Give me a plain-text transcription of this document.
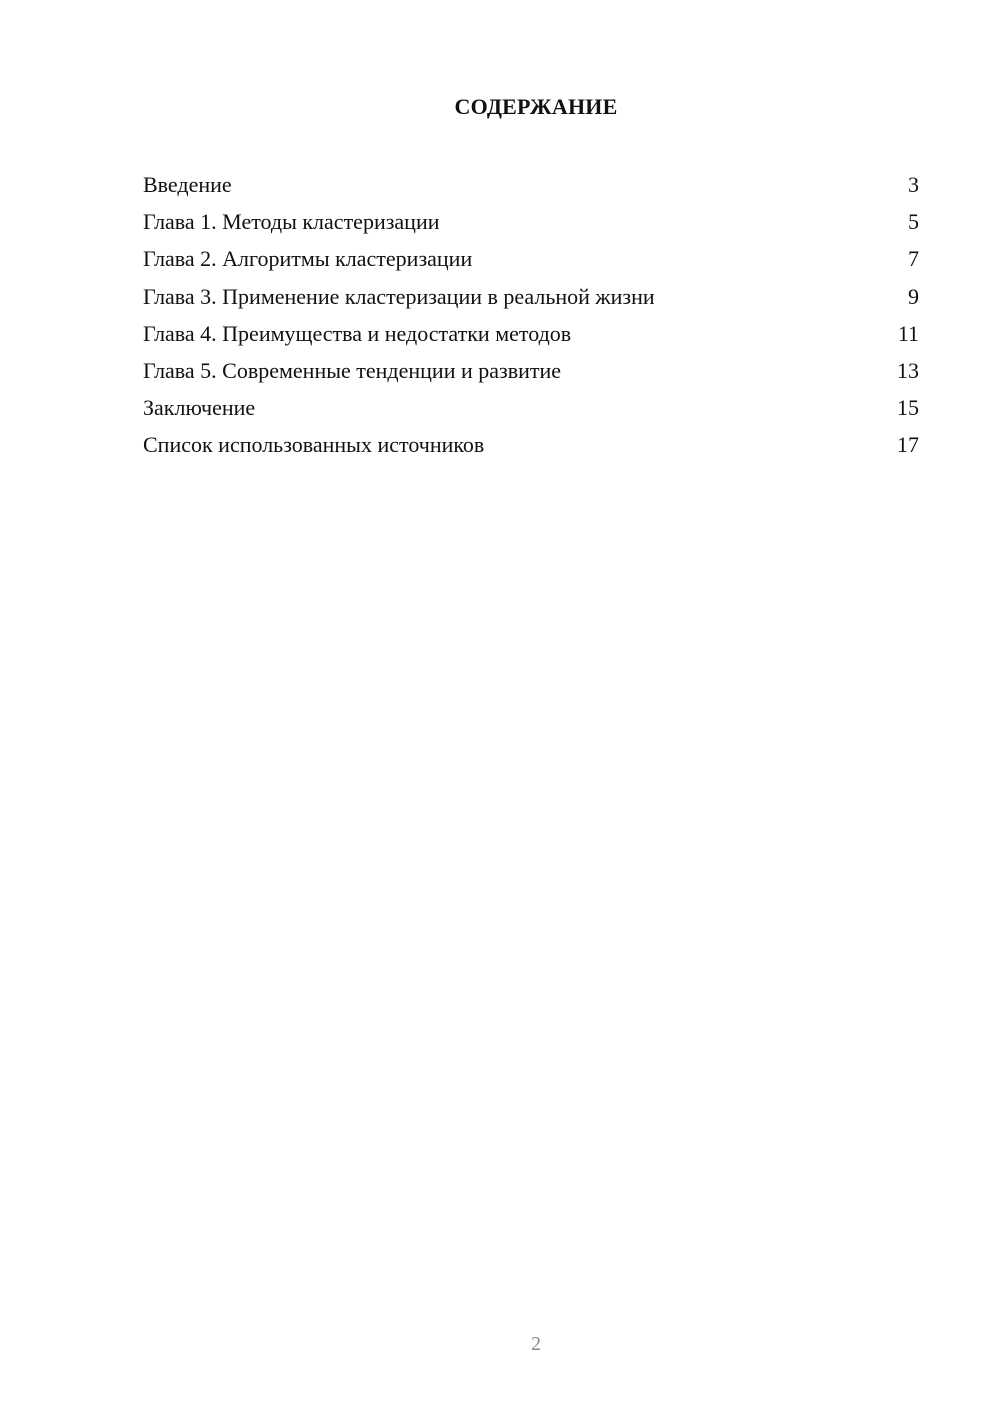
СОДЕРЖАНИЕ
Введение	3
Глава 1. Методы кластеризации	5
Глава 2. Алгоритмы кластеризации	7
Глава 3. Применение кластеризации в реальной жизни	9
Глава 4. Преимущества и недостатки методов	11
Глава 5. Современные тенденции и развитие	13
Заключение	15
Список использованных источников	17
2
